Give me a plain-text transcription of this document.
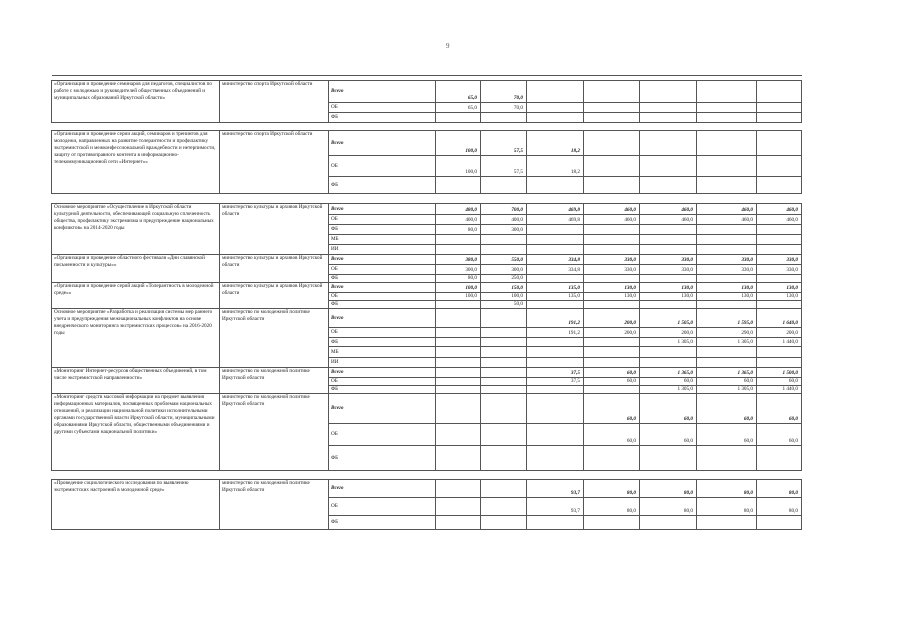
9

«Организация и проведение семинаров для педагогов, специалистов по работе с молодежью и руководителей общественных объединений и муниципальных образований Иркутской области»	министерство спорта Иркутской области	Всего	65,0	70,0					
		ОБ	65,0	70,0					
		ФБ							

«Организация и проведение серии акций, семинаров и тренингов для молодежи, направленных на развитие толерантности и профилактику экстремистской и межконфессиональной враждебности и нетерпимости, защиту от противоправного контента в информационно-телекоммуникационной сети «Интернет»»	министерство спорта Иркутской области	Всего	100,0	57,5	18,2				
		ОБ	100,0	57,5	18,2				
		ФБ							

Основное мероприятие «Осуществление в Иркутской области культурной деятельности, обеспечивающей социальную сплоченность общества, профилактику экстремизма и предупреждение национальных конфликтов» на 2014-2020 годы	министерство культуры и архивов Иркутской области	Всего	480,0	700,0	469,8	460,0	460,0	460,0	460,0
		ОБ	400,0	400,0	469,8	460,0	460,0	460,0	460,0
		ФБ	80,0	300,0					
		МБ							
		ИИ							
«Организация и проведение областного фестиваля «Дни славянской письменности и культуры»»	министерство культуры и архивов Иркутской области	Всего	380,0	550,0	334,8	330,0	330,0	330,0	330,0
		ОБ	300,0	300,0	334,8	330,0	330,0	330,0	330,0
		ФБ	80,0	250,0					
«Организация и проведение серий акций «Толерантность в молодежной среде»»	министерство культуры и архивов Иркутской области	Всего	100,0	150,0	135,0	130,0	130,0	130,0	130,0
		ОБ	100,0	100,0	135,0	130,0	130,0	130,0	130,0
		ФБ		50,0					
Основное мероприятие «Разработка и реализация системы мер раннего учета и предупреждения межнациональных конфликтов на основе внедренческого мониторинга экстремистских процессов» на 2016-2020 годы	министерство по молодежной политике Иркутской области	Всего			191,2	200,0	1 505,0	1 595,0	1 640,0
		ОБ			191,2	200,0	200,0	290,0	200,0
		ФБ					1 305,0	1 305,0	1 440,0
		МБ							
		ИИ							
«Мониторинг Интернет-ресурсов общественных объединений, в том числе экстремистской направленности»	министерство по молодежной политике Иркутской области	Всего			37,5	60,0	1 365,0	1 365,0	1 500,0
		ОБ			37,5	60,0	60,0	60,0	60,0
		ФБ					1 305,0	1 305,0	1 440,0
«Мониторинг средств массовой информации на предмет выявления информационных материалов, посвященных проблемам национальных отношений, и реализации национальной политики исполнительными органами государственной власти Иркутской области, муниципальными образованиями Иркутской области, общественными объединениями и другими субъектами национальной политики»	министерство по молодежной политике Иркутской области	Всего				60,0	60,0	60,0	60,0
		ОБ				60,0	60,0	60,0	60,0
		ФБ							

«Проведение социологического исследования по выявлению экстремистских настроений в молодежной среде»	министерство по молодежной политике Иркутской области	Всего			93,7	80,0	80,0	80,0	80,0
		ОБ			93,7	80,0	80,0	80,0	80,0
		ФБ							
